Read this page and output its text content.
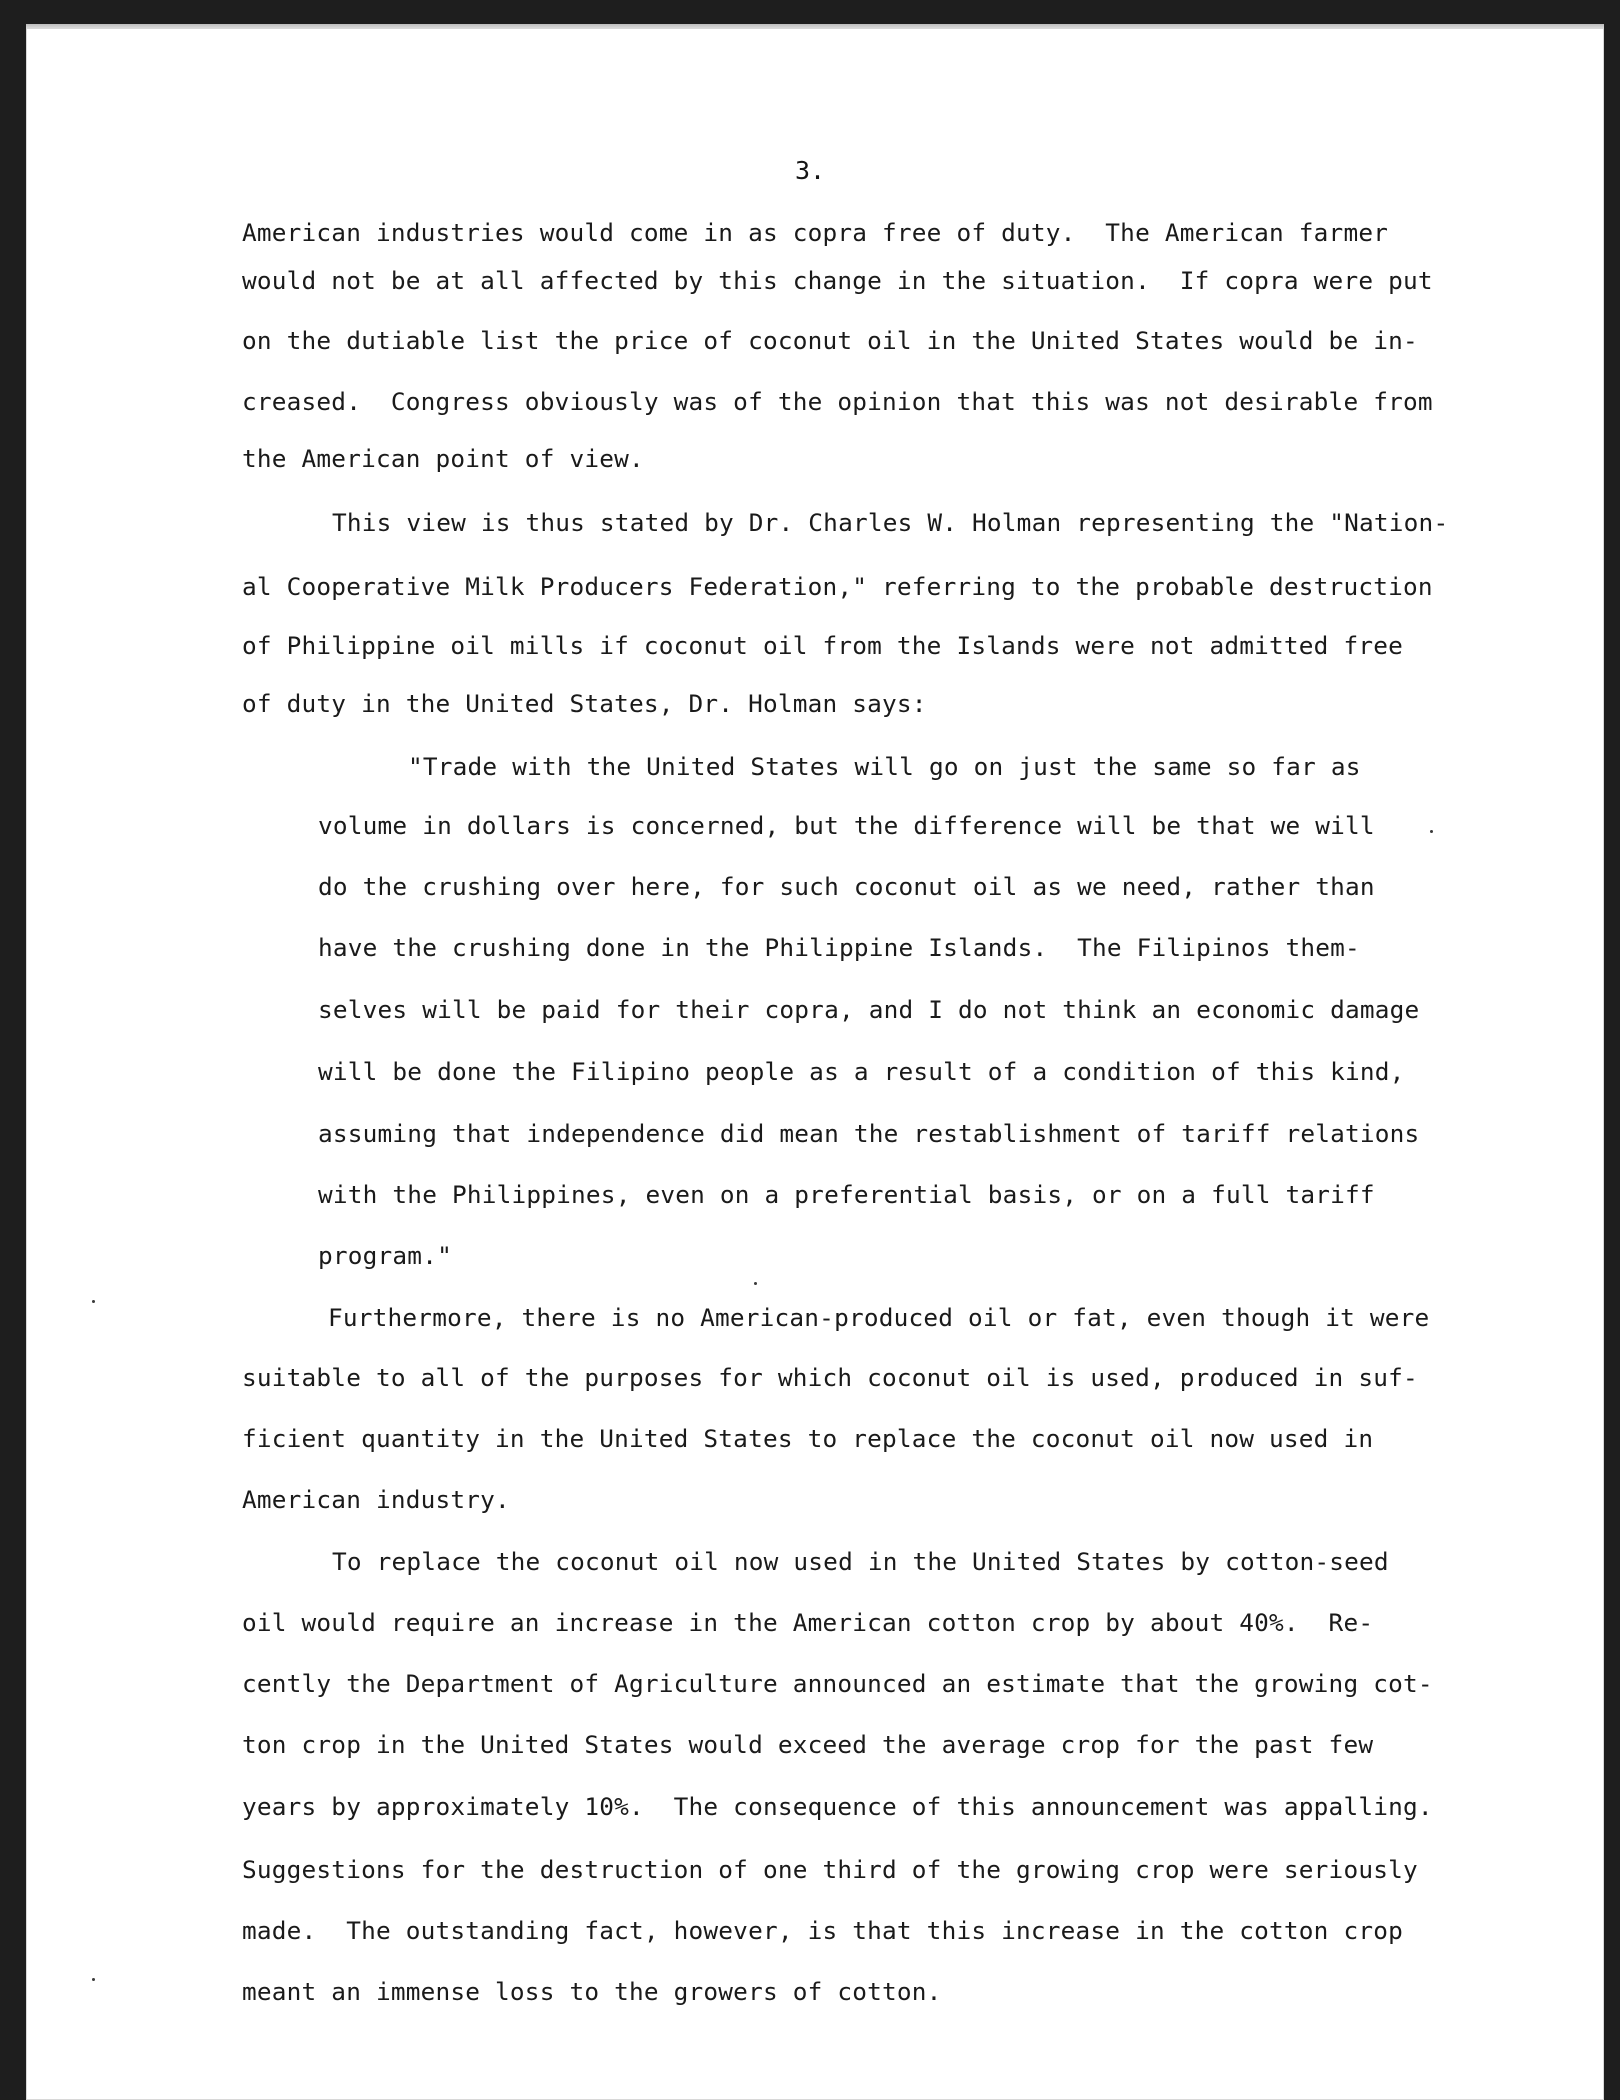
3.
American industries would come in as copra free of duty.  The American farmer
would not be at all affected by this change in the situation.  If copra were put
on the dutiable list the price of coconut oil in the United States would be in-
creased.  Congress obviously was of the opinion that this was not desirable from
the American point of view.
This view is thus stated by Dr. Charles W. Holman representing the "Nation-
al Cooperative Milk Producers Federation," referring to the probable destruction
of Philippine oil mills if coconut oil from the Islands were not admitted free
of duty in the United States, Dr. Holman says:
"Trade with the United States will go on just the same so far as
volume in dollars is concerned, but the difference will be that we will
do the crushing over here, for such coconut oil as we need, rather than
have the crushing done in the Philippine Islands.  The Filipinos them-
selves will be paid for their copra, and I do not think an economic damage
will be done the Filipino people as a result of a condition of this kind,
assuming that independence did mean the restablishment of tariff relations
with the Philippines, even on a preferential basis, or on a full tariff
program."
Furthermore, there is no American-produced oil or fat, even though it were
suitable to all of the purposes for which coconut oil is used, produced in suf-
ficient quantity in the United States to replace the coconut oil now used in
American industry.
To replace the coconut oil now used in the United States by cotton-seed
oil would require an increase in the American cotton crop by about 40%.  Re-
cently the Department of Agriculture announced an estimate that the growing cot-
ton crop in the United States would exceed the average crop for the past few
years by approximately 10%.  The consequence of this announcement was appalling.
Suggestions for the destruction of one third of the growing crop were seriously
made.  The outstanding fact, however, is that this increase in the cotton crop
meant an immense loss to the growers of cotton.
